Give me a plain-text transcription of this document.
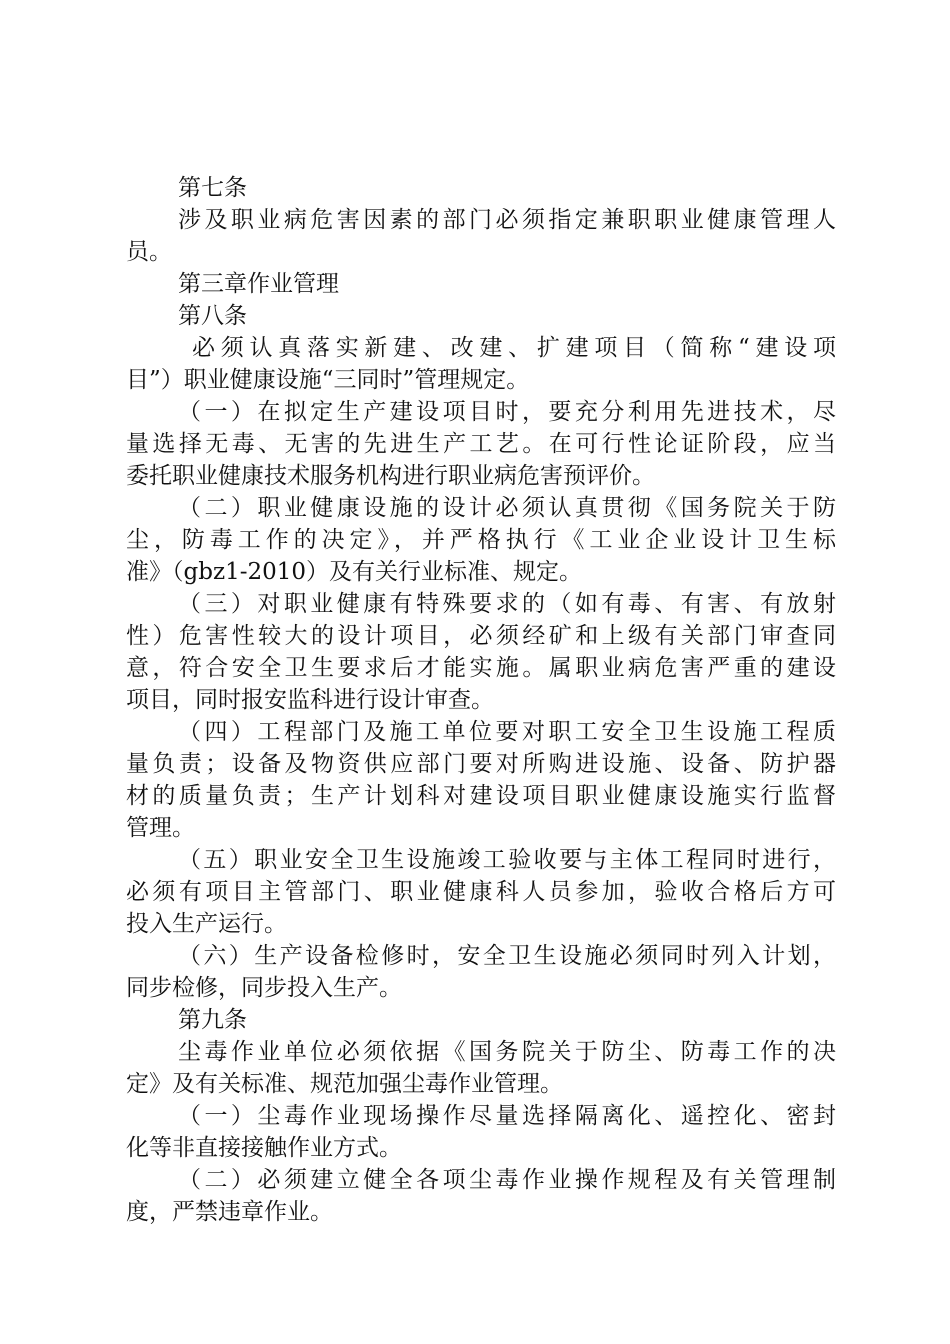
第七条
涉及职业病危害因素的部门必须指定兼职职业健康管理人
员。
第三章作业管理
第八条
必须认真落实新建、改建、扩建项目（简称“建设项
目”）职业健康设施“三同时”管理规定。
（一）在拟定生产建设项目时，要充分利用先进技术，尽
量选择无毒、无害的先进生产工艺。在可行性论证阶段，应当
委托职业健康技术服务机构进行职业病危害预评价。
（二）职业健康设施的设计必须认真贯彻《国务院关于防
尘，防毒工作的决定》，并严格执行《工业企业设计卫生标
准》（gbz1-2010）及有关行业标准、规定。
（三）对职业健康有特殊要求的（如有毒、有害、有放射
性）危害性较大的设计项目，必须经矿和上级有关部门审查同
意，符合安全卫生要求后才能实施。属职业病危害严重的建设
项目，同时报安监科进行设计审查。
（四）工程部门及施工单位要对职工安全卫生设施工程质
量负责；设备及物资供应部门要对所购进设施、设备、防护器
材的质量负责；生产计划科对建设项目职业健康设施实行监督
管理。
（五）职业安全卫生设施竣工验收要与主体工程同时进行，
必须有项目主管部门、职业健康科人员参加，验收合格后方可
投入生产运行。
（六）生产设备检修时，安全卫生设施必须同时列入计划，
同步检修，同步投入生产。
第九条
尘毒作业单位必须依据《国务院关于防尘、防毒工作的决
定》及有关标准、规范加强尘毒作业管理。
（一）尘毒作业现场操作尽量选择隔离化、遥控化、密封
化等非直接接触作业方式。
（二）必须建立健全各项尘毒作业操作规程及有关管理制
度，严禁违章作业。
